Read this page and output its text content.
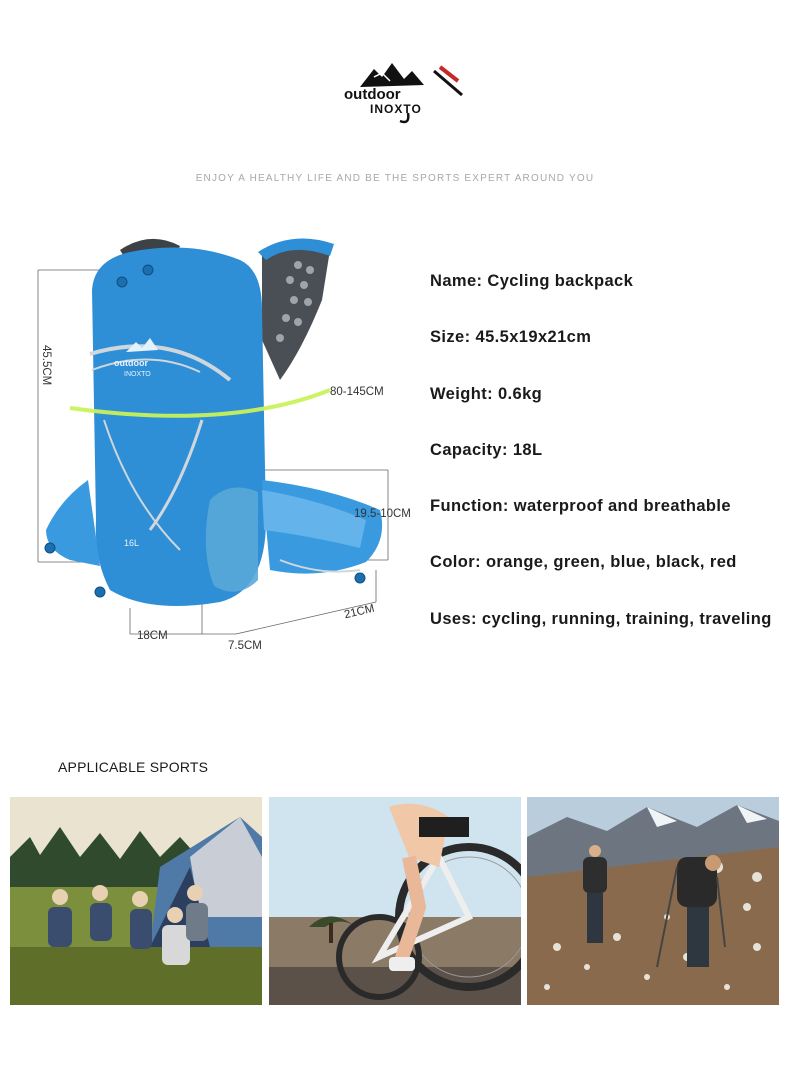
outdoor
INOXTO
ENJOY A HEALTHY LIFE AND BE THE SPORTS EXPERT AROUND YOU
outdoor
INOXTO
16L
45.5CM
80-145CM
19.5-10CM
21CM
18CM
7.5CM
Name: Cycling backpack
Size: 45.5x19x21cm
Weight: 0.6kg
Capacity: 18L
Function: waterproof and breathable
Color: orange, green, blue, black, red
Uses: cycling, running, training, traveling
APPLICABLE SPORTS
